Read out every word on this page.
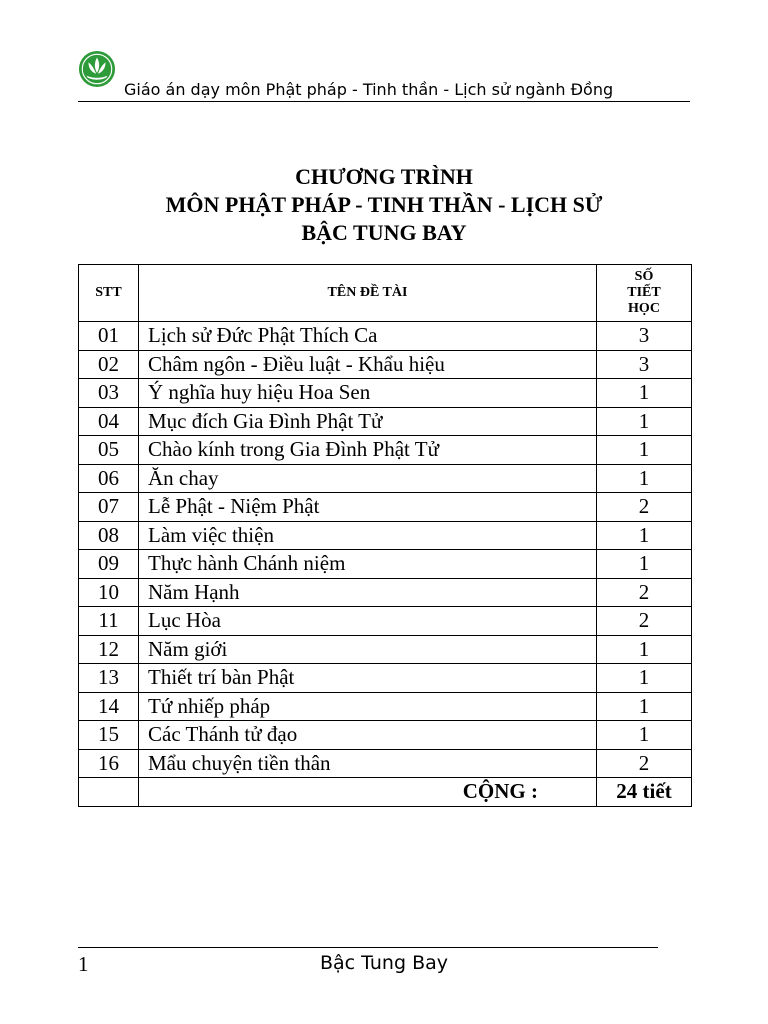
Giáo án dạy môn Phật pháp - Tinh thần - Lịch sử ngành Đồng
CHƯƠNG TRÌNH
MÔN PHẬT PHÁP - TINH THẦN - LỊCH SỬ
BẬC TUNG BAY
STT	TÊN ĐỀ TÀI	SỐ
TIẾT
HỌC

01	Lịch sử Đức Phật Thích Ca	3
02	Châm ngôn - Điều luật - Khẩu hiệu	3
03	Ý nghĩa huy hiệu Hoa Sen	1
04	Mục đích Gia Đình Phật Tử	1
05	Chào kính trong Gia Đình Phật Tử	1
06	Ăn chay	1
07	Lễ Phật - Niệm Phật	2
08	Làm việc thiện	1
09	Thực hành Chánh niệm	1
10	Năm Hạnh	2
11	Lục Hòa	2
12	Năm giới	1
13	Thiết trí bàn Phật	1
14	Tứ nhiếp pháp	1
15	Các Thánh tử đạo	1
16	Mẩu chuyện tiền thân	2
	CỘNG :	24 tiết
1	Bậc Tung Bay
